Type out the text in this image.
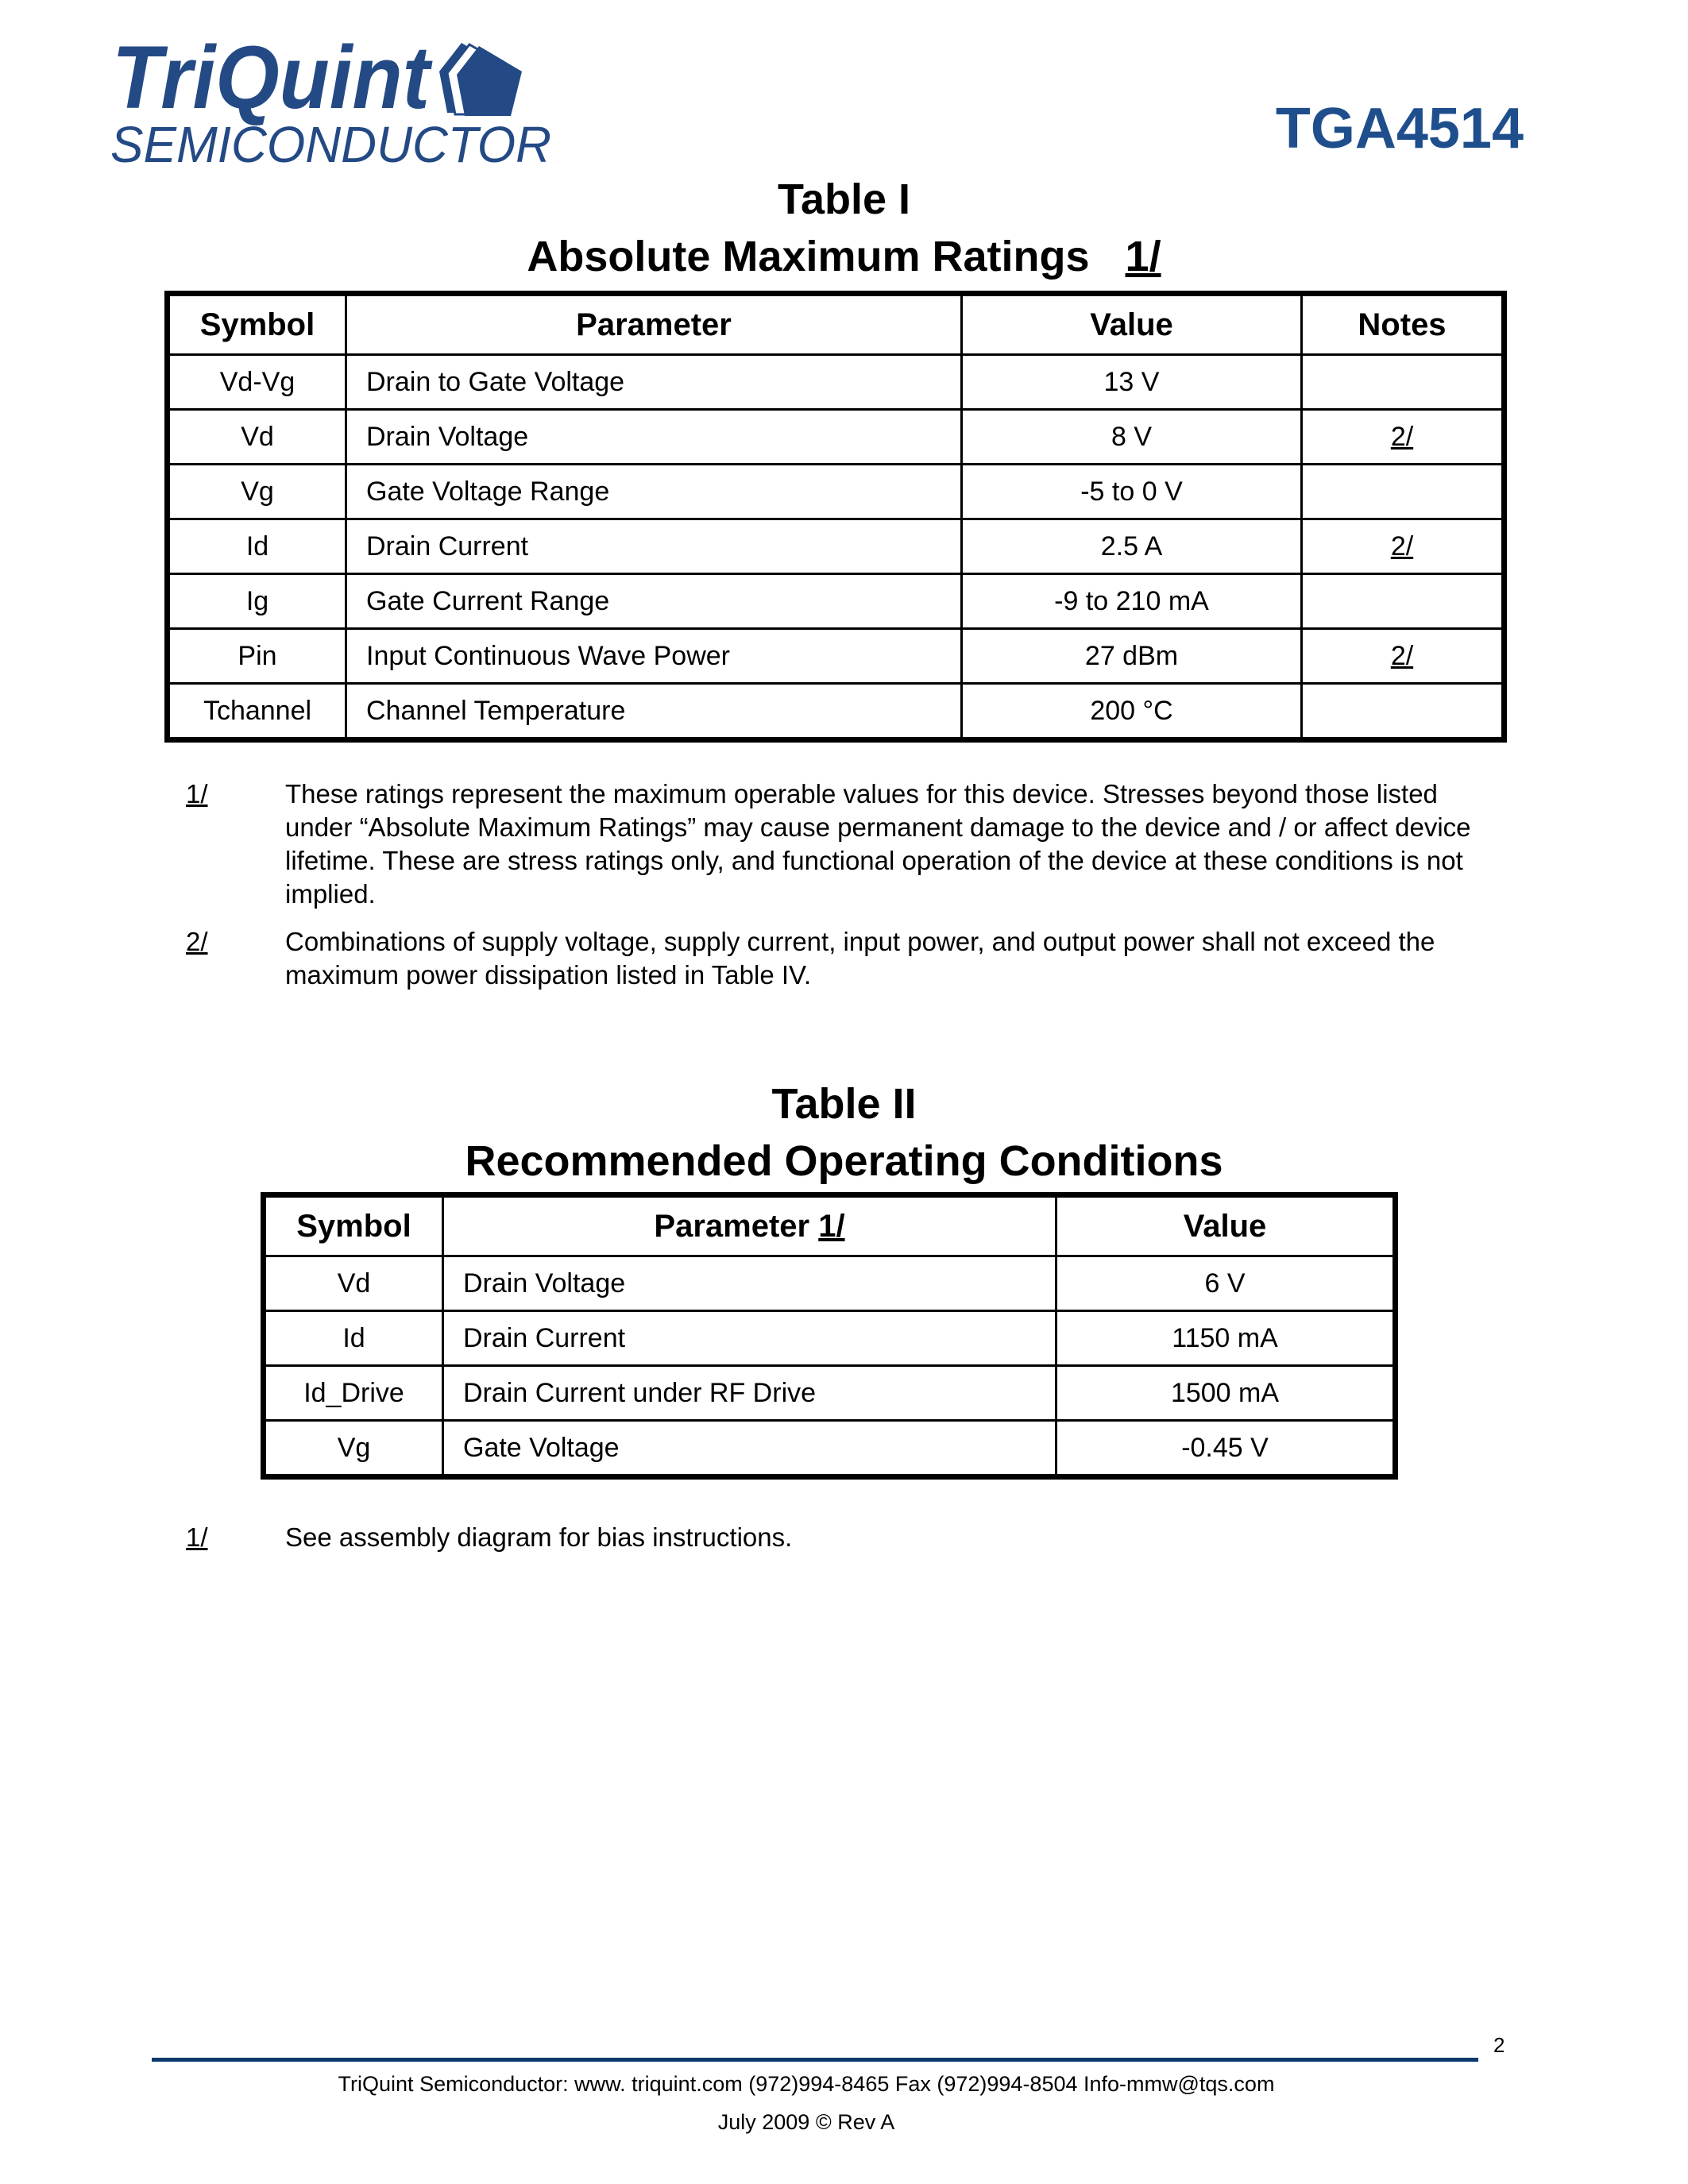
TriQuint
SEMICONDUCTOR	TGA4514
Table I
Absolute Maximum Ratings 1/
Symbol	Parameter	Value	Notes
Vd-Vg	Drain to Gate Voltage	13 V	
Vd	Drain Voltage	8 V	2/
Vg	Gate Voltage Range	-5 to 0 V	
Id	Drain Current	2.5 A	2/
Ig	Gate Current Range	-9 to 210 mA	
Pin	Input Continuous Wave Power	27 dBm	2/
Tchannel	Channel Temperature	200 °C	
1/	These ratings represent the maximum operable values for this device. Stresses beyond those listed under “Absolute Maximum Ratings” may cause permanent damage to the device and / or affect device lifetime. These are stress ratings only, and functional operation of the device at these conditions is not implied.
2/	Combinations of supply voltage, supply current, input power, and output power shall not exceed the maximum power dissipation listed in Table IV.
Table II
Recommended Operating Conditions
Symbol	Parameter 1/	Value
Vd	Drain Voltage	6 V
Id	Drain Current	1150 mA
Id_Drive	Drain Current under RF Drive	1500 mA
Vg	Gate Voltage	-0.45 V
1/	See assembly diagram for bias instructions.
2
TriQuint Semiconductor: www. triquint.com (972)994-8465 Fax (972)994-8504 Info-mmw@tqs.com
July 2009 © Rev A
